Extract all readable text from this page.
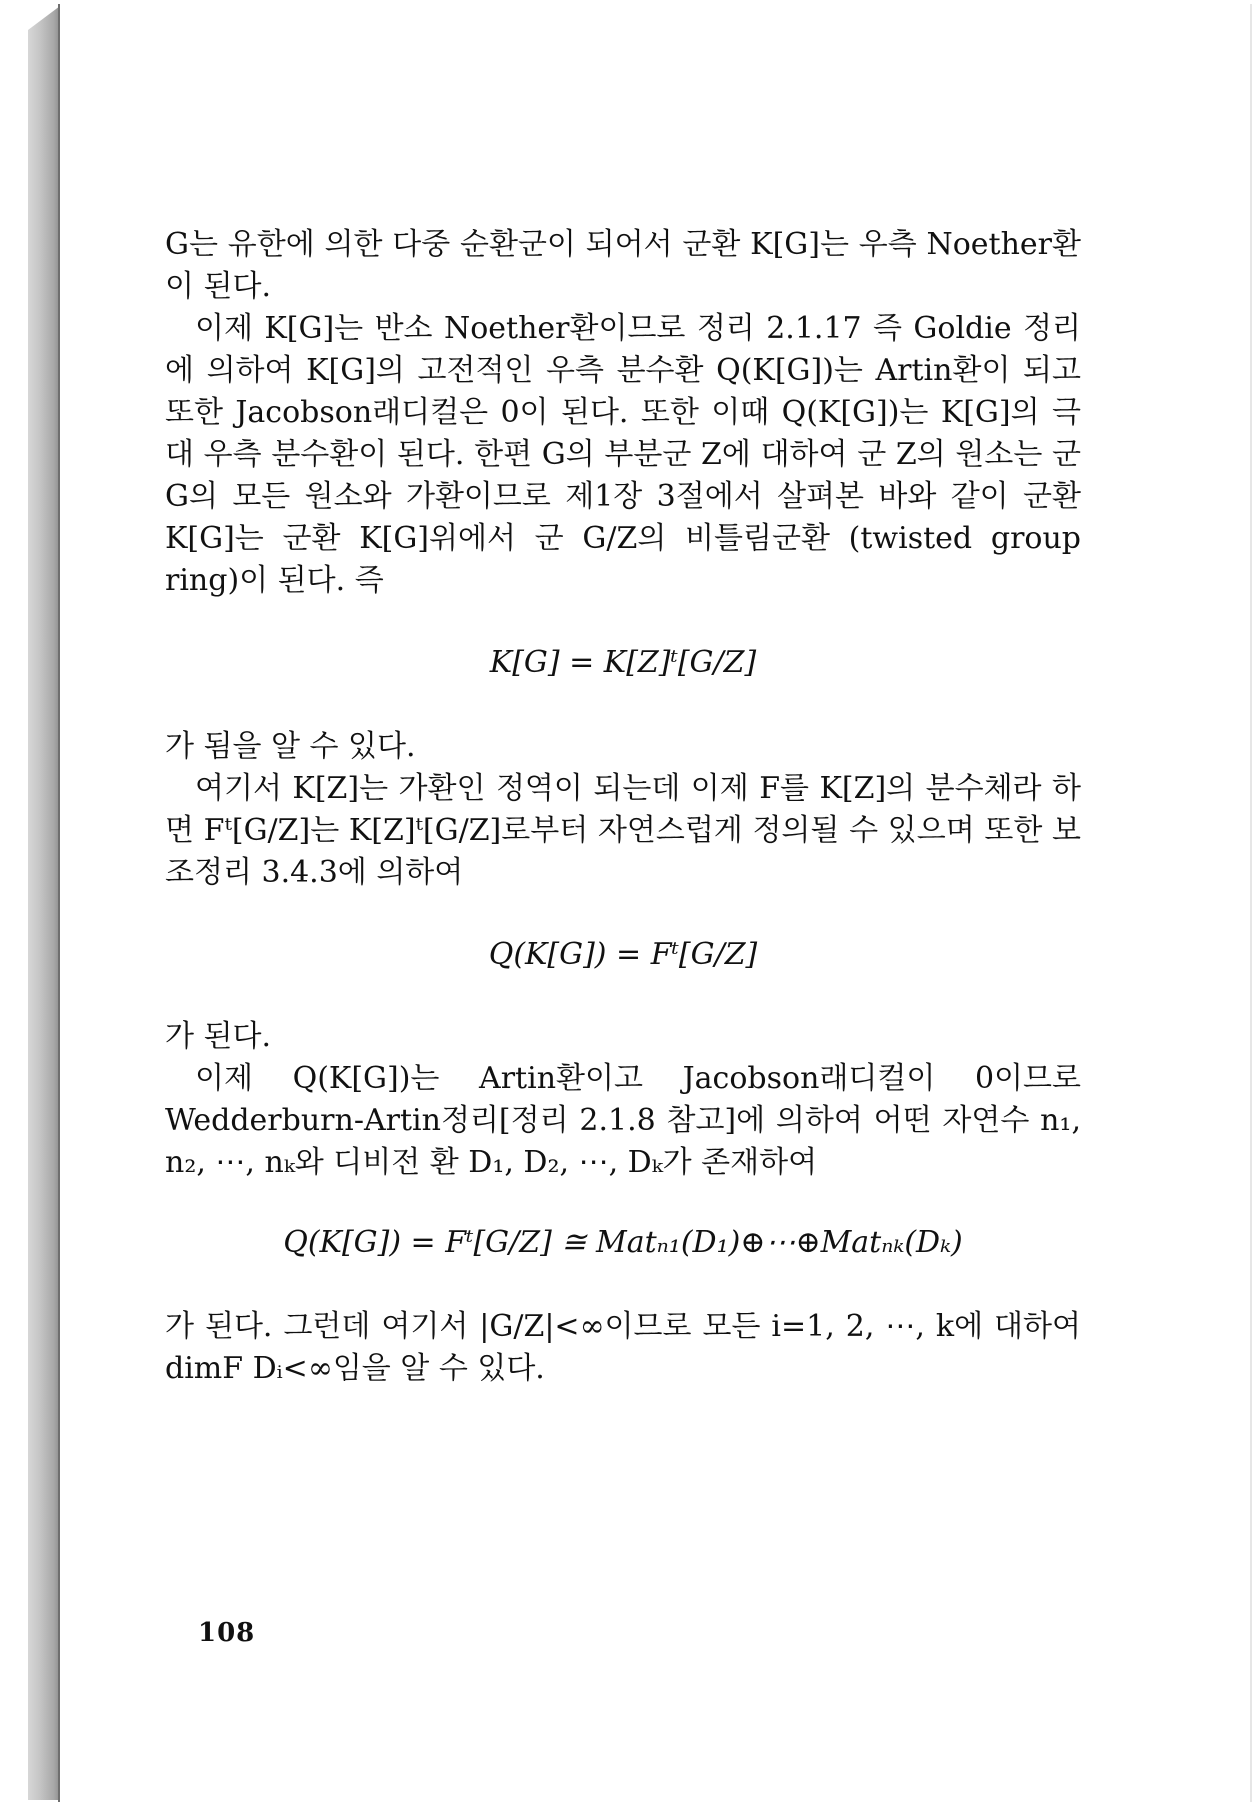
G는 유한에 의한 다중 순환군이 되어서 군환 K[G]는 우측 Noether환이 된다.

이제 K[G]는 반소 Noether환이므로 정리 2.1.17 즉 Goldie 정리에 의하여 K[G]의 고전적인 우측 분수환 Q(K[G])는 Artin환이 되고 또한 Jacobson래디컬은 0이 된다. 또한 이때 Q(K[G])는 K[G]의 극대 우측 분수환이 된다. 한편 G의 부분군 Z에 대하여 군 Z의 원소는 군 G의 모든 원소와 가환이므로 제1장 3절에서 살펴본 바와 같이 군환 K[G]는 군환 K[G]위에서 군 G/Z의 비틀림군환 (twisted group ring)이 된다. 즉

K[G] = K[Z]ᵗ[G/Z]

가 됨을 알 수 있다.

여기서 K[Z]는 가환인 정역이 되는데 이제 F를 K[Z]의 분수체라 하면 Fᵗ[G/Z]는 K[Z]ᵗ[G/Z]로부터 자연스럽게 정의될 수 있으며 또한 보조정리 3.4.3에 의하여

Q(K[G]) = Fᵗ[G/Z]

가 된다.

이제 Q(K[G])는 Artin환이고 Jacobson래디컬이 0이므로 Wedderburn-Artin정리[정리 2.1.8 참고]에 의하여 어떤 자연수 n₁, n₂, ⋯, nₖ와 디비전 환 D₁, D₂, ⋯, Dₖ가 존재하여

Q(K[G]) = Fᵗ[G/Z] ≅ Matₙ₁(D₁)⊕⋯⊕Matₙₖ(Dₖ)

가 된다. 그런데 여기서 |G/Z|<∞이므로 모든 i=1, 2, ⋯, k에 대하여 dimF Dᵢ<∞임을 알 수 있다.

108
